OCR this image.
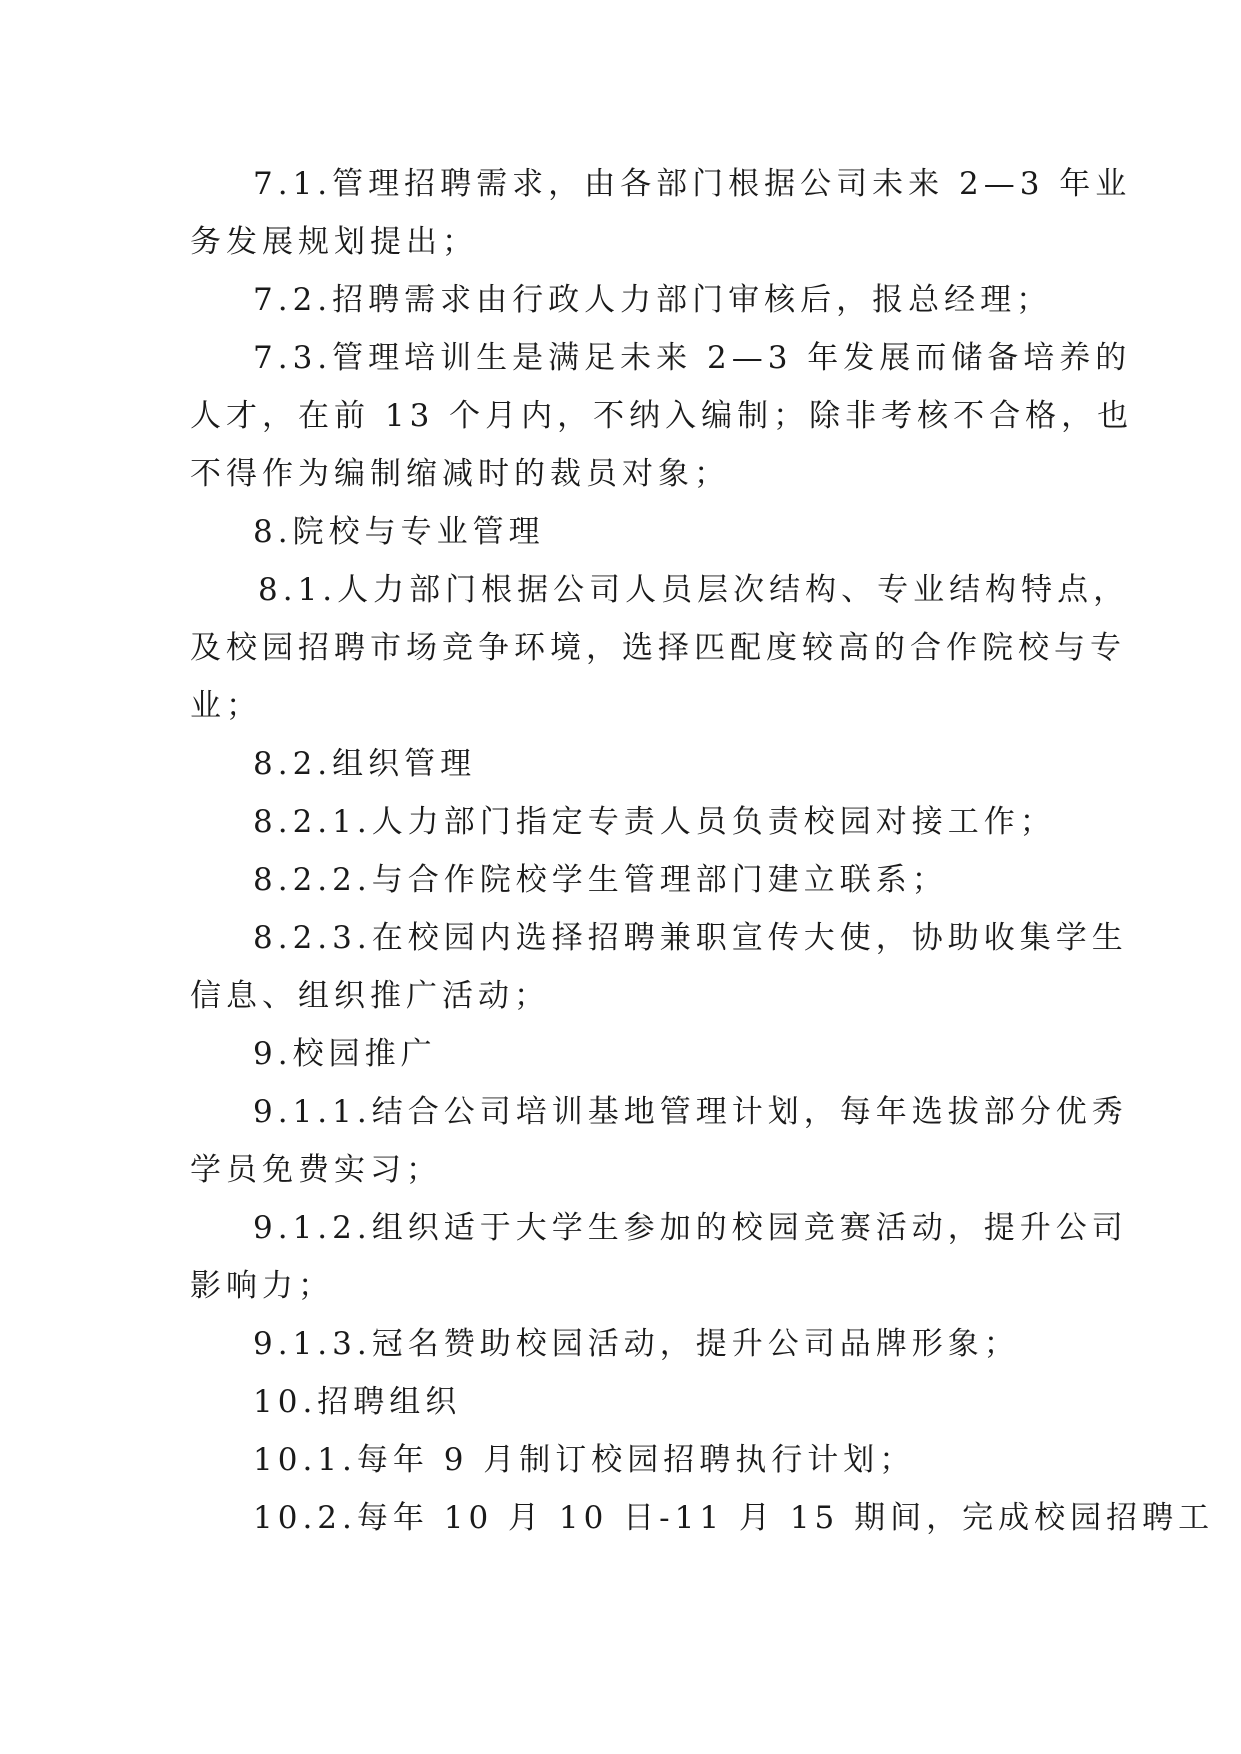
7.1.管理招聘需求，由各部门根据公司未来 2—3 年业
务发展规划提出；
7.2.招聘需求由行政人力部门审核后，报总经理；
7.3.管理培训生是满足未来 2—3 年发展而储备培养的
人才，在前 13 个月内，不纳入编制；除非考核不合格，也
不得作为编制缩减时的裁员对象；
8.院校与专业管理
8.1.人力部门根据公司人员层次结构、专业结构特点，
及校园招聘市场竞争环境，选择匹配度较高的合作院校与专
业；
8.2.组织管理
8.2.1.人力部门指定专责人员负责校园对接工作；
8.2.2.与合作院校学生管理部门建立联系；
8.2.3.在校园内选择招聘兼职宣传大使，协助收集学生
信息、组织推广活动；
9.校园推广
9.1.1.结合公司培训基地管理计划，每年选拔部分优秀
学员免费实习；
9.1.2.组织适于大学生参加的校园竞赛活动，提升公司
影响力；
9.1.3.冠名赞助校园活动，提升公司品牌形象；
10.招聘组织
10.1.每年 9 月制订校园招聘执行计划；
10.2.每年 10 月 10 日-11 月 15 期间，完成校园招聘工
